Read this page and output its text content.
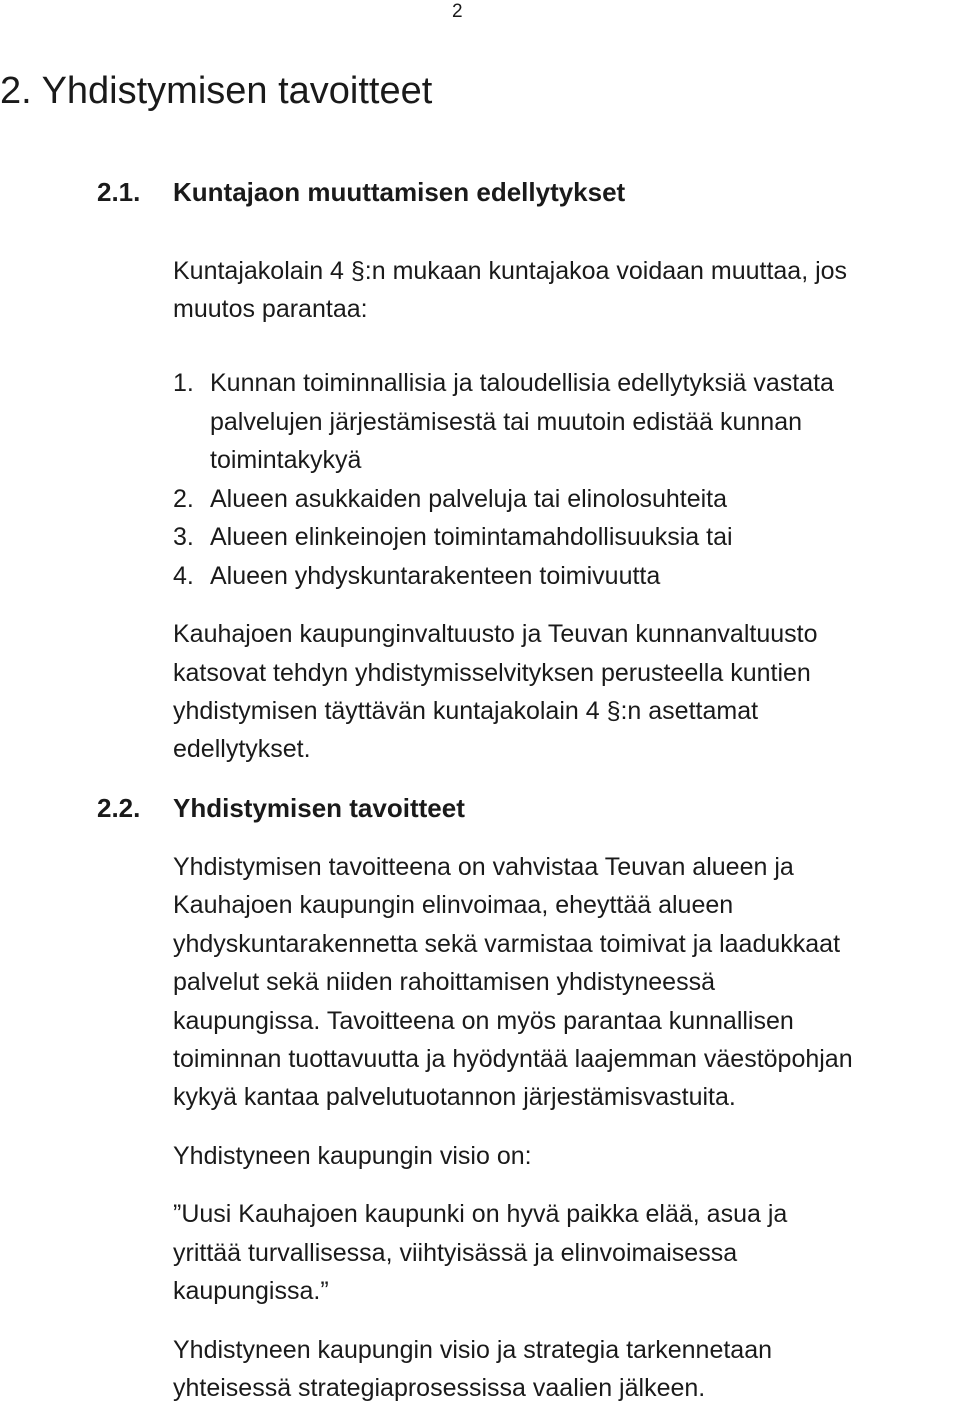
2

2. Yhdistymisen tavoitteet
2.1. Kuntajaon muuttamisen edellytykset

Kuntajakolain 4 §:n mukaan kuntajakoa voidaan muuttaa, jos

muutos parantaa:

1. Kunnan toiminnallisia ja taloudellisia edellytyksiä vastata
palvelujen järjestämisestä tai muutoin edistää kunnan
toimintakykyä
2. Alueen asukkaiden palveluja tai elinolosuhteita
3. Alueen elinkeinojen toimintamahdollisuuksia tai
4. Alueen yhdyskuntarakenteen toimivuutta

Kauhajoen kaupunginvaltuusto ja Teuvan kunnanvaltuusto

katsovat tehdyn yhdistymisselvityksen perusteella kuntien

yhdistymisen täyttävän kuntajakolain 4 §:n asettamat

edellytykset.

2.2. Yhdistymisen tavoitteet

Yhdistymisen tavoitteena on vahvistaa Teuvan alueen ja

Kauhajoen kaupungin elinvoimaa, eheyttää alueen

yhdyskuntarakennetta sekä varmistaa toimivat ja laadukkaat

palvelut sekä niiden rahoittamisen yhdistyneessä

kaupungissa. Tavoitteena on myös parantaa kunnallisen

toiminnan tuottavuutta ja hyödyntää laajemman väestöpohjan

kykyä kantaa palvelutuotannon järjestämisvastuita.

Yhdistyneen kaupungin visio on:

”Uusi Kauhajoen kaupunki on hyvä paikka elää, asua ja

yrittää turvallisessa, viihtyisässä ja elinvoimaisessa

kaupungissa.”

Yhdistyneen kaupungin visio ja strategia tarkennetaan

yhteisessä strategiaprosessissa vaalien jälkeen.
